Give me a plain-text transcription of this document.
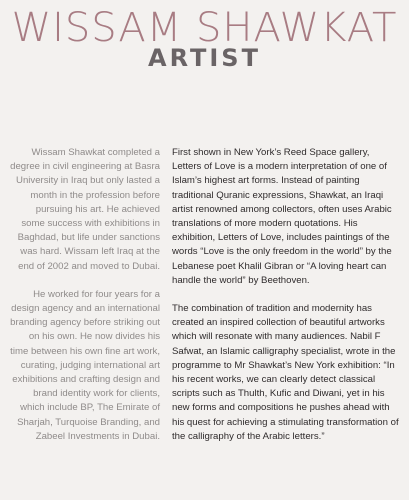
WISSAM SHAWKAT
ARTIST

Wissam Shawkat completed a degree in civil engineering at Basra University in Iraq but only lasted a month in the profession before pursuing his art. He achieved some success with exhibitions in Baghdad, but life under sanctions was hard. Wissam left Iraq at the end of 2002 and moved to Dubai.

He worked for four years for a design agency and an international branding agency before striking out on his own. He now divides his time between his own fine art work, curating, judging international art exhibitions and crafting design and brand identity work for clients, which include BP, The Emirate of Sharjah, Turquoise Branding, and Zabeel Investments in Dubai.

First shown in New York’s Reed Space gallery, Letters of Love is a modern interpretation of one of Islam’s highest art forms. Instead of painting traditional Quranic expressions, Shawkat, an Iraqi artist renowned among collectors, often uses Arabic translations of more modern quotations. His exhibition, Letters of Love, includes paintings of the words “Love is the only freedom in the world” by the Lebanese poet Khalil Gibran or “A loving heart can handle the world” by Beethoven.

The combination of tradition and modernity has created an inspired collection of beautiful artworks which will resonate with many audiences. Nabil F Safwat, an Islamic calligraphy specialist, wrote in the programme to Mr Shawkat’s New York exhibition: “In his recent works, we can clearly detect classical scripts such as Thulth, Kufic and Diwani, yet in his new forms and compositions he pushes ahead with his quest for achieving a stimulating transformation of the calligraphy of the Arabic letters.”
